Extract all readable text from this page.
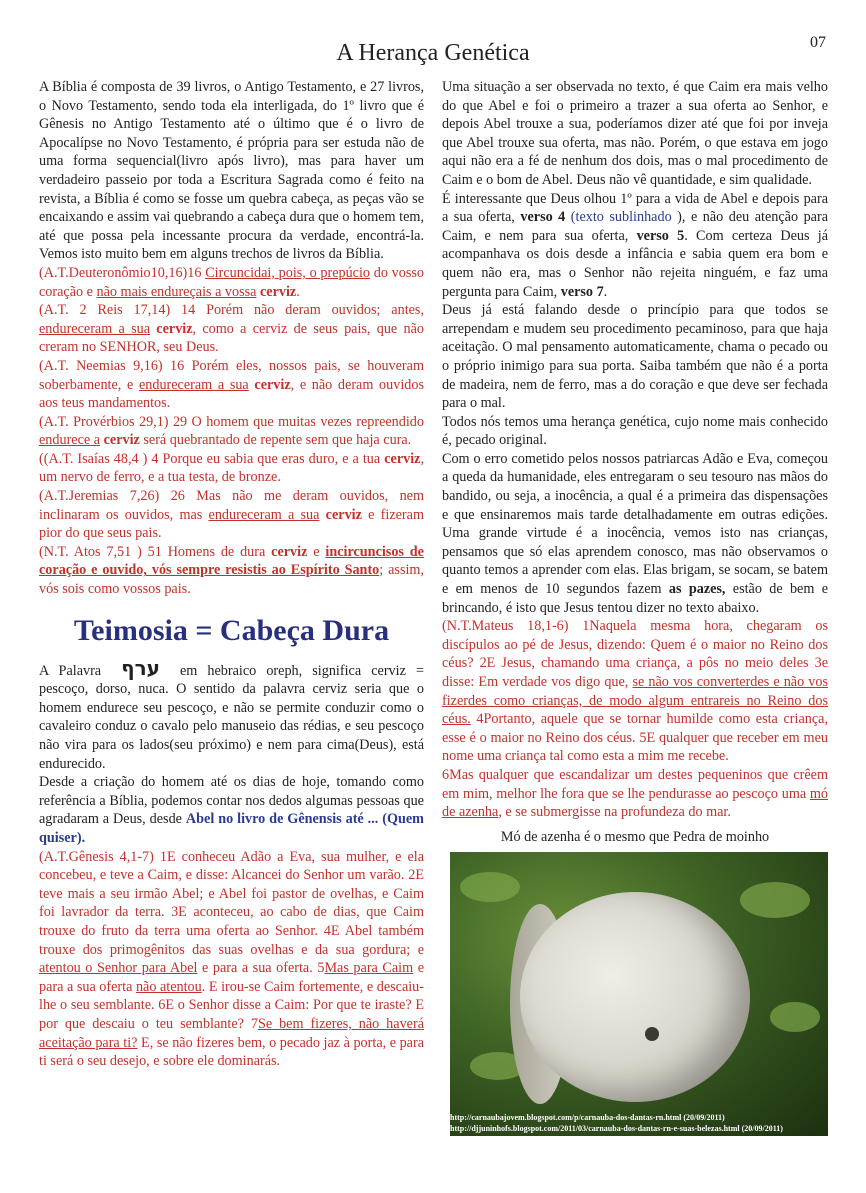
07
A Herança Genética

A Bíblia é composta de 39 livros, o Antigo Testamento, e 27 livros, o Novo Testamento, sendo toda ela interligada, do 1º livro que é Gênesis no Antigo Testamento até o último que é o livro de Apocalípse no Novo Testamento, é própria para ser estuda não de uma forma sequencial(livro após livro), mas para haver um verdadeiro passeio por toda a Escritura Sagrada como é feito na revista, a Bíblia é como se fosse um quebra cabeça, as peças vão se encaixando e assim vai quebrando a cabeça dura que o homem tem, até que possa pela incessante procura da verdade, encontrá-la. Vemos isto muito bem em alguns trechos de livros da Bíblia.

(A.T.Deuteronômio10,16)16 Circuncidai, pois, o prepúcio do vosso coração e não mais endureçais a vossa cerviz.

(A.T. 2 Reis 17,14) 14 Porém não deram ouvidos; antes, endureceram a sua cerviz, como a cerviz de seus pais, que não creram no SENHOR, seu Deus.

(A.T. Neemias 9,16) 16 Porém eles, nossos pais, se houveram soberbamente, e endureceram a sua cerviz, e não deram ouvidos aos teus mandamentos.

(A.T. Provérbios 29,1) 29 O homem que muitas vezes repreendido endurece a cerviz será quebrantado de repente sem que haja cura.

((A.T. Isaías 48,4 ) 4 Porque eu sabia que eras duro, e a tua cerviz, um nervo de ferro, e a tua testa, de bronze.

(A.T.Jeremias 7,26) 26 Mas não me deram ouvidos, nem inclinaram os ouvidos, mas endureceram a sua cerviz e fizeram pior do que seus pais.

(N.T. Atos 7,51 ) 51 Homens de dura cerviz e incircuncisos de coração e ouvido, vós sempre resistis ao Espírito Santo; assim, vós sois como vossos pais.

Teimosia = Cabeça Dura

A Palavra ערף em hebraico oreph, significa cerviz = pescoço, dorso, nuca. O sentido da palavra cerviz seria que o homem endurece seu pescoço, e não se permite conduzir como o cavaleiro conduz o cavalo pelo manuseio das rédias, e seu pescoço não vira para os lados(seu próximo) e nem para cima(Deus), está endurecido.

Desde a criação do homem até os dias de hoje, tomando como referência a Bíblia, podemos contar nos dedos algumas pessoas que agradaram a Deus, desde Abel no livro de Gênensis até ... (Quem quiser).

(A.T.Gênesis 4,1-7) 1E conheceu Adão a Eva, sua mulher, e ela concebeu, e teve a Caim, e disse: Alcancei do Senhor um varão. 2E teve mais a seu irmão Abel; e Abel foi pastor de ovelhas, e Caim foi lavrador da terra. 3E aconteceu, ao cabo de dias, que Caim trouxe do fruto da terra uma oferta ao Senhor. 4E Abel também trouxe dos primogênitos das suas ovelhas e da sua gordura; e atentou o Senhor para Abel e para a sua oferta. 5Mas para Caim e para a sua oferta não atentou. E irou-se Caim fortemente, e descaiu-lhe o seu semblante. 6E o Senhor disse a Caim: Por que te iraste? E por que descaiu o teu semblante? 7Se bem fizeres, não haverá aceitação para ti? E, se não fizeres bem, o pecado jaz à porta, e para ti será o seu desejo, e sobre ele dominarás.

Uma situação a ser observada no texto, é que Caim era mais velho do que Abel e foi o primeiro a trazer a sua oferta ao Senhor, e depois Abel trouxe a sua, poderíamos dizer até que foi por inveja que Abel trouxe sua oferta, mas não. Porém, o que estava em jogo aqui não era a fé de nenhum dos dois, mas o mal procedimento de Caim e o bom de Abel. Deus não vê quantidade, e sim qualidade.

É interessante que Deus olhou 1º para a vida de Abel e depois para a sua oferta, verso 4 (texto sublinhado ), e não deu atenção para Caim, e nem para sua oferta, verso 5. Com certeza Deus já acompanhava os dois desde a infância e sabia quem era bom e quem não era, mas o Senhor não rejeita ninguém, e faz uma pergunta para Caim, verso 7.

Deus já está falando desde o princípio para que todos se arrependam e mudem seu procedimento pecaminoso, para que haja aceitação. O mal pensamento automaticamente, chama o pecado ou o próprio inimigo para sua porta. Saiba também que não é a porta de madeira, nem de ferro, mas a do coração e que deve ser fechada para o mal.

Todos nós temos uma herança genética, cujo nome mais conhecido é, pecado original.

Com o erro cometido pelos nossos patriarcas Adão e Eva, começou a queda da humanidade, eles entregaram o seu tesouro nas mãos do bandido, ou seja, a inocência, a qual é a primeira das dispensações e que ensinaremos mais tarde detalhadamente em outras edições. Uma grande virtude é a inocência, vemos isto nas crianças, pensamos que só elas aprendem conosco, mas não observamos o quanto temos a aprender com elas. Elas brigam, se socam, se batem e em menos de 10 segundos fazem as pazes, estão de bem e brincando, é isto que Jesus tentou dizer no texto abaixo.

(N.T.Mateus 18,1-6) 1Naquela mesma hora, chegaram os discípulos ao pé de Jesus, dizendo: Quem é o maior no Reino dos céus? 2E Jesus, chamando uma criança, a pôs no meio deles 3e disse: Em verdade vos digo que, se não vos converterdes e não vos fizerdes como crianças, de modo algum entrareis no Reino dos céus. 4Portanto, aquele que se tornar humilde como esta criança, esse é o maior no Reino dos céus. 5E qualquer que receber em meu nome uma criança tal como esta a mim me recebe.

6Mas qualquer que escandalizar um destes pequeninos que crêem em mim, melhor lhe fora que se lhe pendurasse ao pescoço uma mó de azenha, e se submergisse na profundeza do mar.

Mó de azenha é o mesmo que Pedra de moinho
http://carnaubajovem.blogspot.com/p/carnauba-dos-dantas-rn.html (20/09/2011)
http://djjuninhofs.blogspot.com/2011/03/carnauba-dos-dantas-rn-e-suas-belezas.html (20/09/2011)
